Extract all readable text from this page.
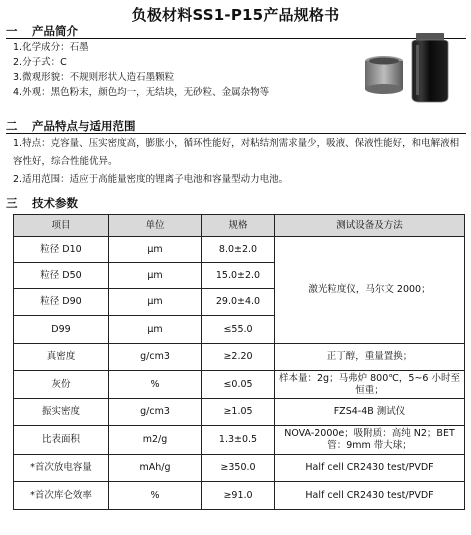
负极材料SS1-P15产品规格书
一 产品简介
1.化学成分：石墨
2.分子式：C
3.微观形貌：不规则形状人造石墨颗粒
4.外观：黑色粉末，颜色均一，无结块，无砂粒、金属杂物等
二 产品特点与适用范围
1.特点：克容量、压实密度高，膨胀小，循环性能好，对粘结剂需求量少，吸液、保液性能好，和电解液相容性好，综合性能优异。
2.适用范围：适应于高能量密度的锂离子电池和容量型动力电池。
三 技术参数
项目	单位	规格	测试设备及方法
粒径 D10	μm	8.0±2.0	激光粒度仪，马尔文 2000；
粒径 D50	μm	15.0±2.0	
粒径 D90	μm	29.0±4.0	
D99	μm	≤55.0	
真密度	g/cm3	≥2.20	正丁醇，重量置换；
灰份	%	≤0.05	样本量：2g；马弗炉 800℃，5~6 小时至恒重；
振实密度	g/cm3	≥1.05	FZS4-4B 测试仪
比表面积	m2/g	1.3±0.5	NOVA-2000e；吸附质：高纯 N2；BET 管：9mm 带大球；
*首次放电容量	mAh/g	≥350.0	Half cell CR2430 test/PVDF
*首次库仑效率	%	≥91.0	Half cell CR2430 test/PVDF
